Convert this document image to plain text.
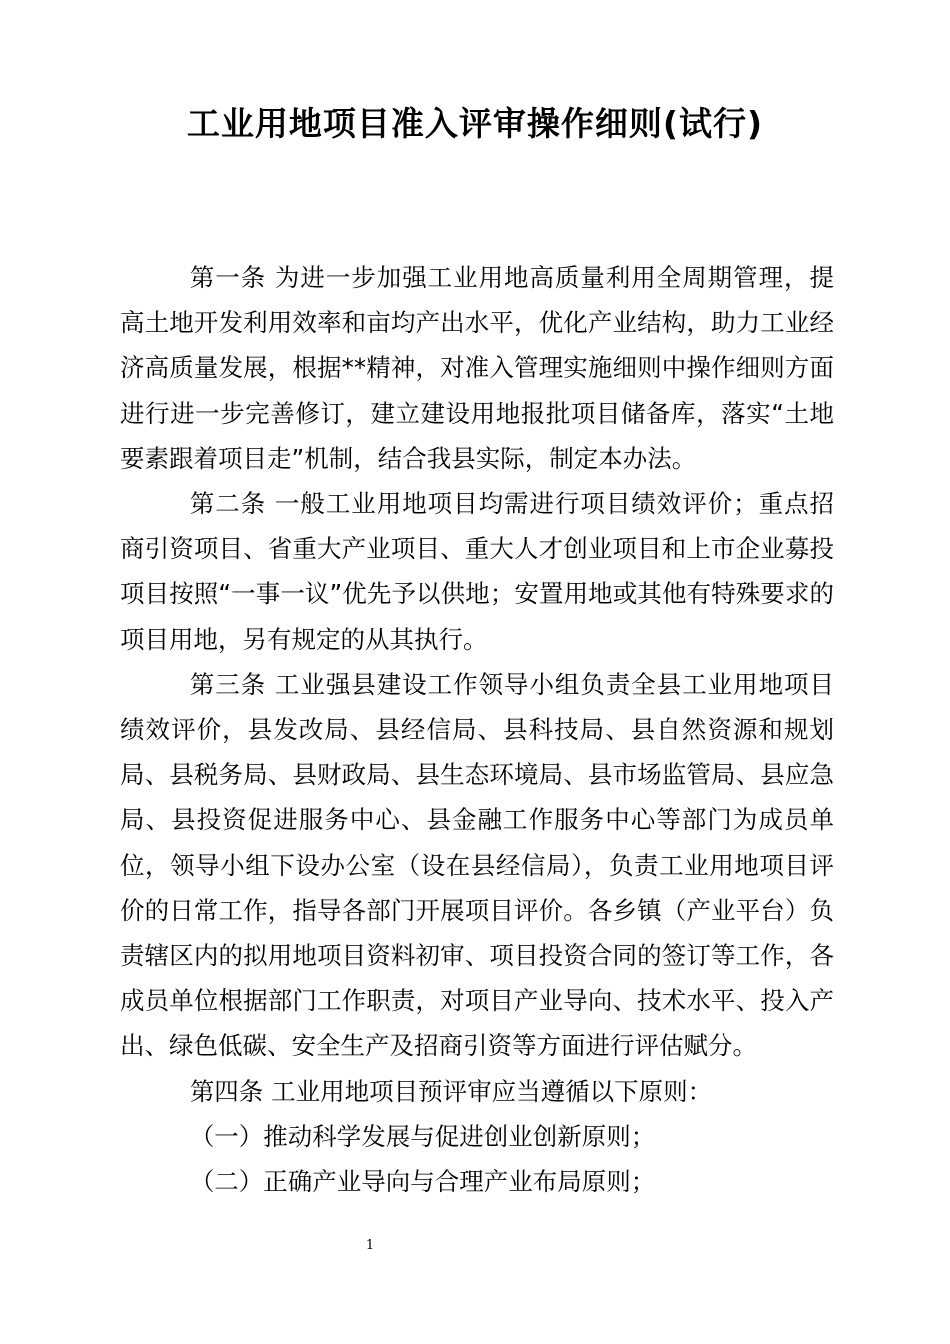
工业用地项目准入评审操作细则(试行)

第一条 为进一步加强工业用地高质量利用全周期管理，提高土地开发利用效率和亩均产出水平，优化产业结构，助力工业经济高质量发展，根据**精神，对准入管理实施细则中操作细则方面进行进一步完善修订，建立建设用地报批项目储备库，落实“土地要素跟着项目走”机制，结合我县实际，制定本办法。

第二条 一般工业用地项目均需进行项目绩效评价；重点招商引资项目、省重大产业项目、重大人才创业项目和上市企业募投项目按照“一事一议”优先予以供地；安置用地或其他有特殊要求的项目用地，另有规定的从其执行。

第三条 工业强县建设工作领导小组负责全县工业用地项目绩效评价，县发改局、县经信局、县科技局、县自然资源和规划局、县税务局、县财政局、县生态环境局、县市场监管局、县应急局、县投资促进服务中心、县金融工作服务中心等部门为成员单位，领导小组下设办公室（设在县经信局），负责工业用地项目评价的日常工作，指导各部门开展项目评价。各乡镇（产业平台）负责辖区内的拟用地项目资料初审、项目投资合同的签订等工作，各成员单位根据部门工作职责，对项目产业导向、技术水平、投入产出、绿色低碳、安全生产及招商引资等方面进行评估赋分。

第四条 工业用地项目预评审应当遵循以下原则：

（一）推动科学发展与促进创业创新原则；

（二）正确产业导向与合理产业布局原则；

1
